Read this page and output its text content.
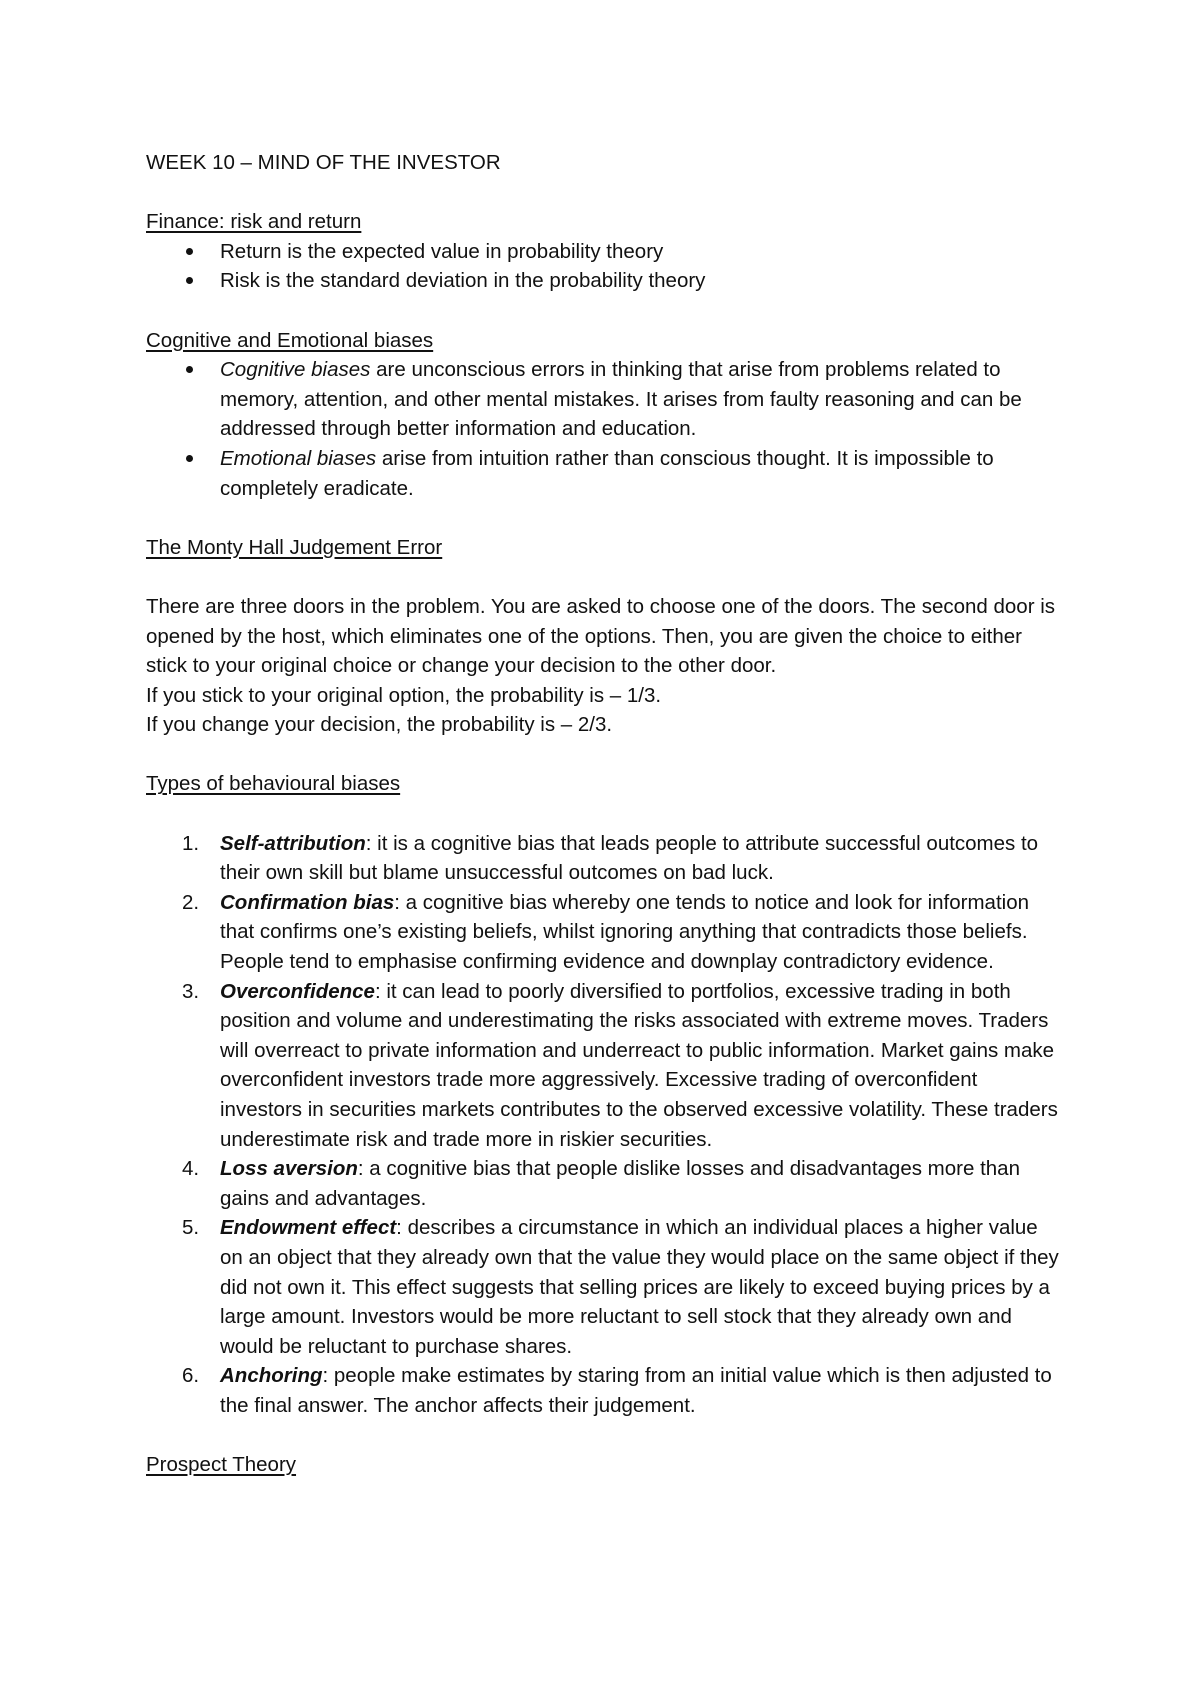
WEEK 10 – MIND OF THE INVESTOR
Finance: risk and return
Return is the expected value in probability theory
Risk is the standard deviation in the probability theory
Cognitive and Emotional biases
Cognitive biases are unconscious errors in thinking that arise from problems related to memory, attention, and other mental mistakes. It arises from faulty reasoning and can be addressed through better information and education.
Emotional biases arise from intuition rather than conscious thought. It is impossible to completely eradicate.
The Monty Hall Judgement Error

There are three doors in the problem. You are asked to choose one of the doors. The second door is opened by the host, which eliminates one of the options. Then, you are given the choice to either stick to your original choice or change your decision to the other door.

If you stick to your original option, the probability is – 1/3.

If you change your decision, the probability is – 2/3.

Types of behavioural biases
1. Self-attribution: it is a cognitive bias that leads people to attribute successful outcomes to their own skill but blame unsuccessful outcomes on bad luck.
2. Confirmation bias: a cognitive bias whereby one tends to notice and look for information that confirms one’s existing beliefs, whilst ignoring anything that contradicts those beliefs. People tend to emphasise confirming evidence and downplay contradictory evidence.
3. Overconfidence: it can lead to poorly diversified to portfolios, excessive trading in both position and volume and underestimating the risks associated with extreme moves. Traders will overreact to private information and underreact to public information. Market gains make overconfident investors trade more aggressively. Excessive trading of overconfident investors in securities markets contributes to the observed excessive volatility. These traders underestimate risk and trade more in riskier securities.
4. Loss aversion: a cognitive bias that people dislike losses and disadvantages more than gains and advantages.
5. Endowment effect: describes a circumstance in which an individual places a higher value on an object that they already own that the value they would place on the same object if they did not own it. This effect suggests that selling prices are likely to exceed buying prices by a large amount. Investors would be more reluctant to sell stock that they already own and would be reluctant to purchase shares.
6. Anchoring: people make estimates by staring from an initial value which is then adjusted to the final answer. The anchor affects their judgement.
Prospect Theory
